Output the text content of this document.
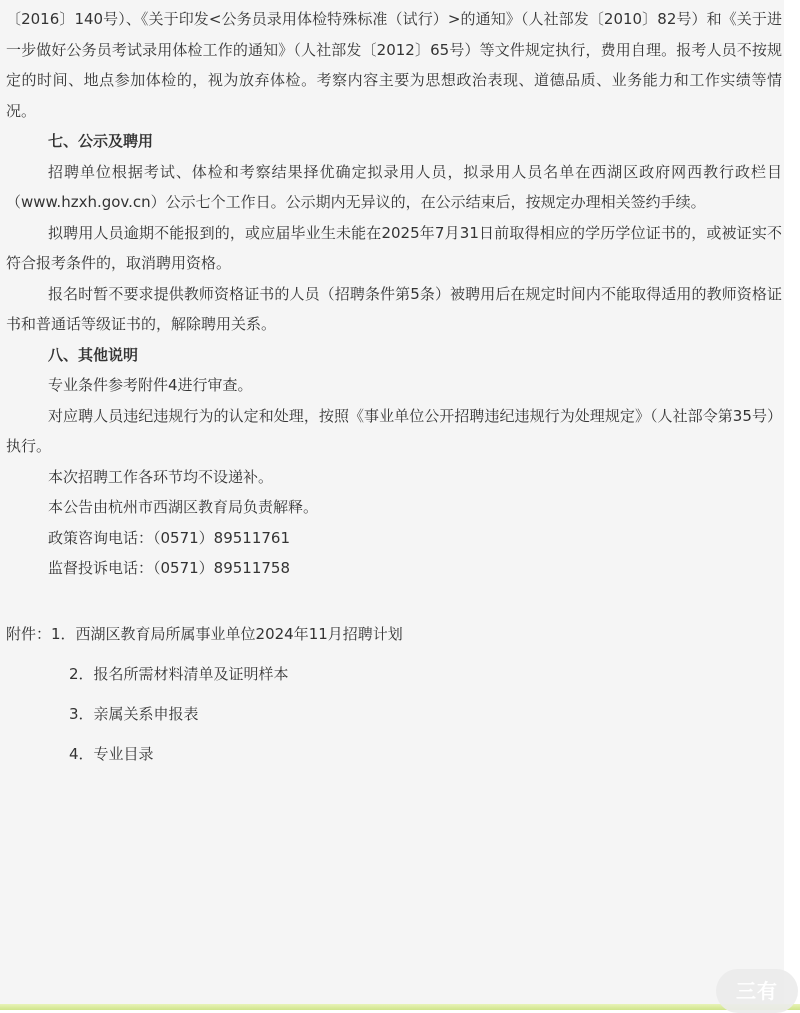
〔2016〕140号）、《关于印发<公务员录用体检特殊标准（试行）>的通知》（人社部发〔2010〕82号）和《关于进一步做好公务员考试录用体检工作的通知》（人社部发〔2012〕65号）等文件规定执行，费用自理。报考人员不按规定的时间、地点参加体检的，视为放弃体检。考察内容主要为思想政治表现、道德品质、业务能力和工作实绩等情况。

七、公示及聘用

招聘单位根据考试、体检和考察结果择优确定拟录用人员，拟录用人员名单在西湖区政府网西教行政栏目（www.hzxh.gov.cn）公示七个工作日。公示期内无异议的，在公示结束后，按规定办理相关签约手续。

拟聘用人员逾期不能报到的，或应届毕业生未能在2025年7月31日前取得相应的学历学位证书的，或被证实不符合报考条件的，取消聘用资格。

报名时暂不要求提供教师资格证书的人员（招聘条件第5条）被聘用后在规定时间内不能取得适用的教师资格证书和普通话等级证书的，解除聘用关系。

八、其他说明

专业条件参考附件4进行审查。

对应聘人员违纪违规行为的认定和处理，按照《事业单位公开招聘违纪违规行为处理规定》（人社部令第35号）执行。

本次招聘工作各环节均不设递补。

本公告由杭州市西湖区教育局负责解释。

政策咨询电话：（0571）89511761

监督投诉电话：（0571）89511758

附件：1．西湖区教育局所属事业单位2024年11月招聘计划

2．报名所需材料清单及证明样本

3．亲属关系申报表

4．专业目录

三有
